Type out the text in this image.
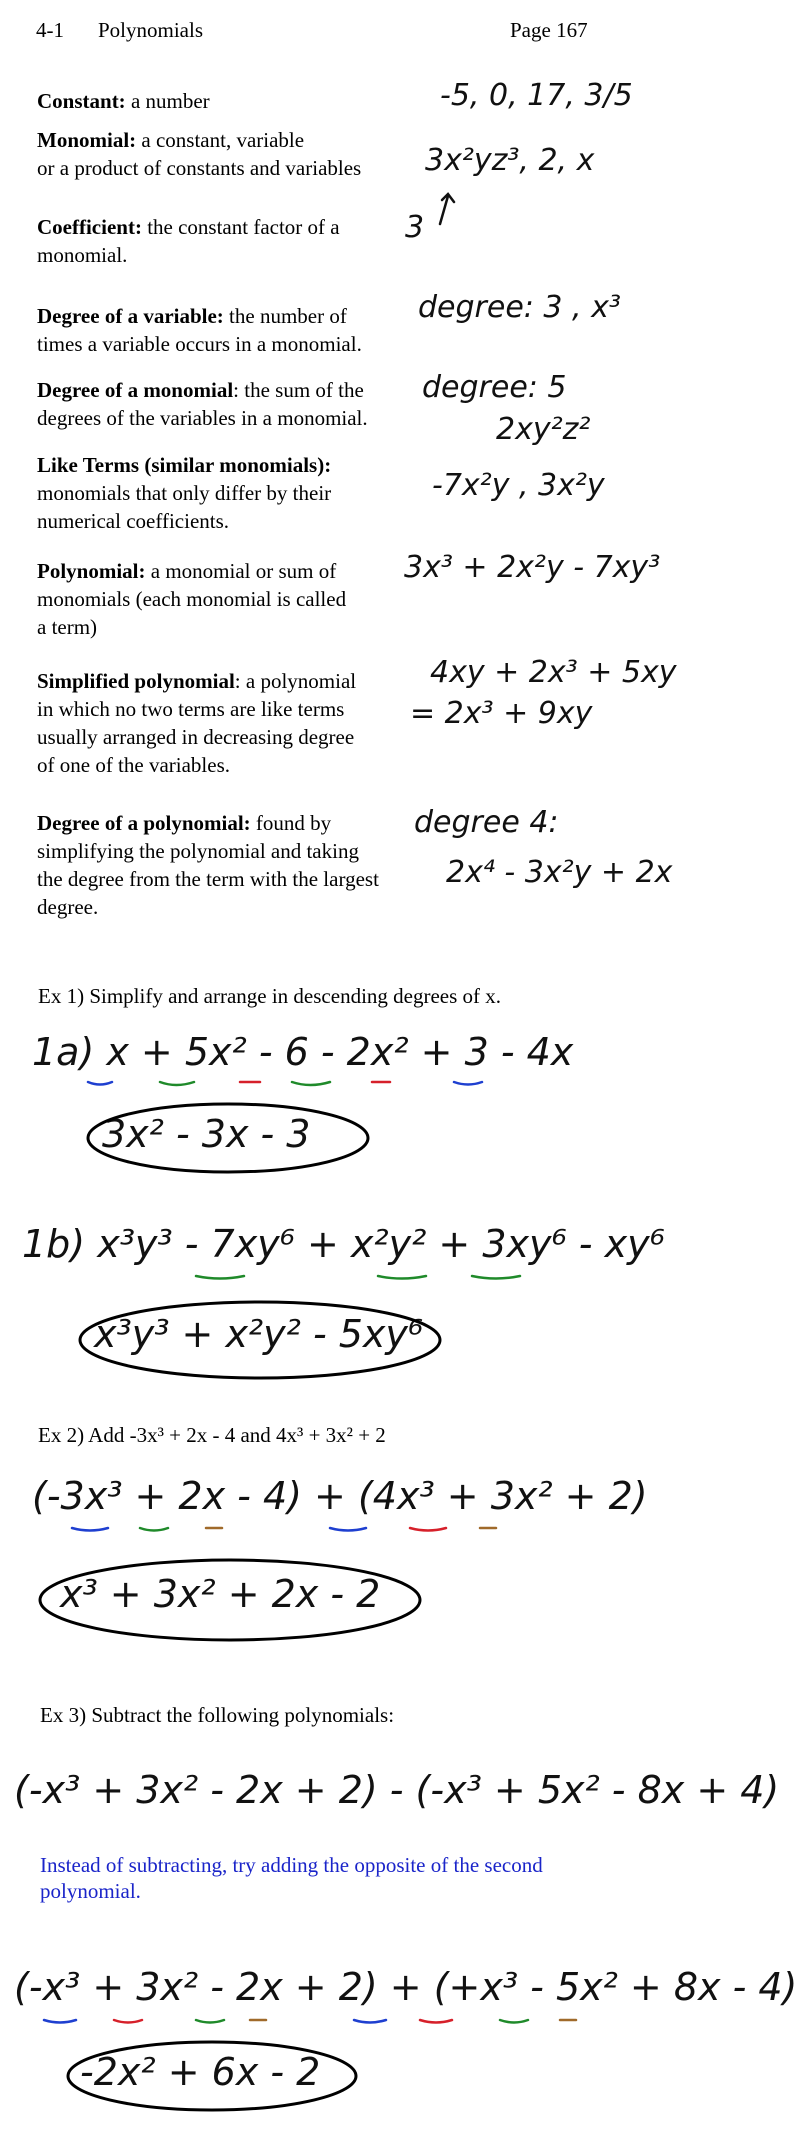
4-1 Polynomials	Page 167
Constant: a number	-5, 0, 17, 3/5
Monomial: a constant, variable
or a product of constants and variables 3x²yz³, 2, x
Coefficient: the constant factor of a
monomial.
3
Degree of a variable: the number of
times a variable occurs in a monomial.
degree: 3 , x³
Degree of a monomial: the sum of the
degrees of the variables in a monomial.
degree: 5
2xy²z²
Like Terms (similar monomials):
monomials that only differ by their
numerical coefficients.
-7x²y , 3x²y
Polynomial: a monomial or sum of
monomials (each monomial is called
a term)
3x³ + 2x²y - 7xy³
Simplified polynomial: a polynomial
in which no two terms are like terms
usually arranged in decreasing degree
of one of the variables.
4xy + 2x³ + 5xy
= 2x³ + 9xy
Degree of a polynomial: found by
simplifying the polynomial and taking
the degree from the term with the largest
degree.
degree 4:
2x⁴ - 3x²y + 2x
Ex 1) Simplify and arrange in descending degrees of x.
1a) x + 5x² - 6 - 2x² + 3 - 4x
3x² - 3x - 3
1b) x³y³ - 7xy⁶ + x²y² + 3xy⁶ - xy⁶
x³y³ + x²y² - 5xy⁶
Ex 2) Add -3x³ + 2x - 4 and 4x³ + 3x² + 2
(-3x³ + 2x - 4) + (4x³ + 3x² + 2)
x³ + 3x² + 2x - 2
Ex 3) Subtract the following polynomials:
(-x³ + 3x² - 2x + 2) - (-x³ + 5x² - 8x + 4)
Instead of subtracting, try adding the opposite of the second polynomial.
(-x³ + 3x² - 2x + 2) + (+x³ - 5x² + 8x - 4)
-2x² + 6x - 2
